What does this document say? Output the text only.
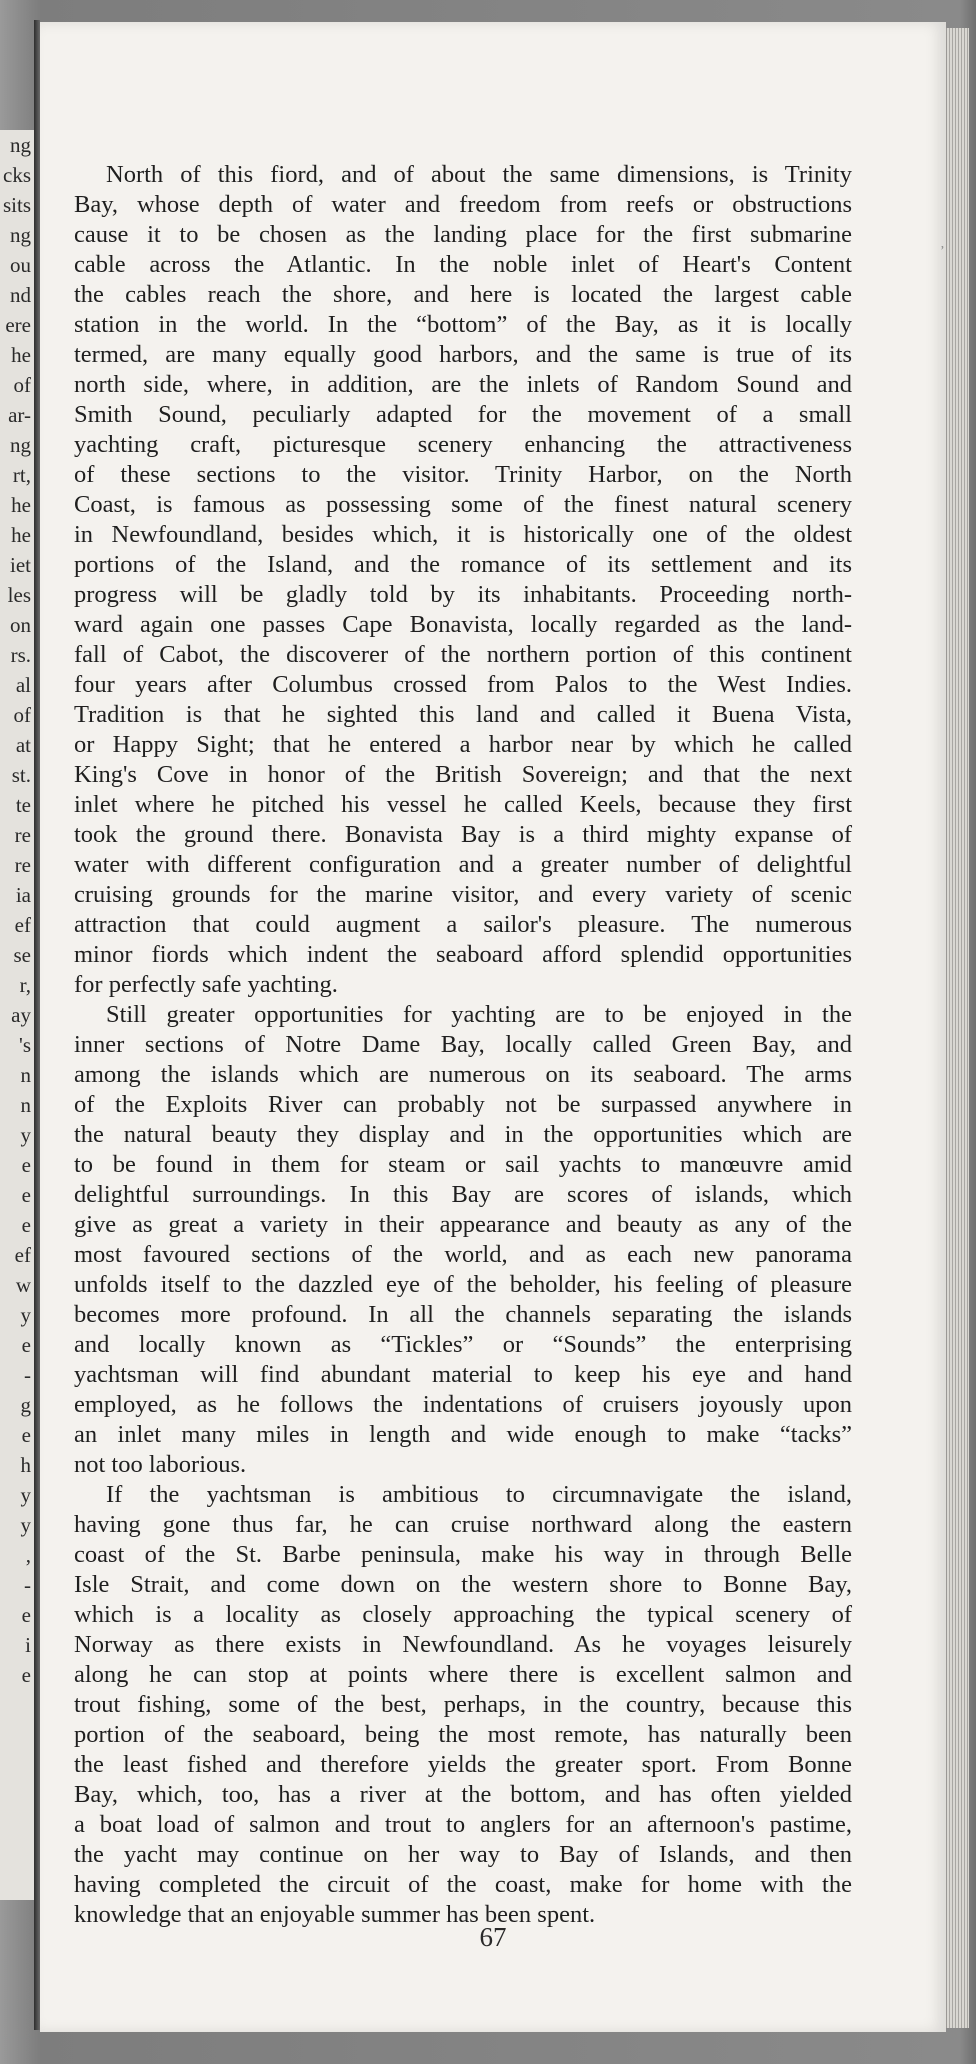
ng
cks
sits
ng
ou
nd
ere
he
of
ar-
ng
rt,
he
he
iet
les
on
rs.
al
of
at
st.
te
re
re
ia
ef
se
r,
ay
's
n
n
y
e
e
e
ef
w
y
e
-
g
e
h
y
y
,
-
e
i
e
North of this fiord, and of about the same dimensions, is Trinity
Bay, whose depth of water and freedom from reefs or obstructions
cause it to be chosen as the landing place for the first submarine
cable across the Atlantic. In the noble inlet of Heart's Content
the cables reach the shore, and here is located the largest cable
station in the world. In the “bottom” of the Bay, as it is locally
termed, are many equally good harbors, and the same is true of its
north side, where, in addition, are the inlets of Random Sound and
Smith Sound, peculiarly adapted for the movement of a small
yachting craft, picturesque scenery enhancing the attractiveness
of these sections to the visitor. Trinity Harbor, on the North
Coast, is famous as possessing some of the finest natural scenery
in Newfoundland, besides which, it is historically one of the oldest
portions of the Island, and the romance of its settlement and its
progress will be gladly told by its inhabitants. Proceeding north-
ward again one passes Cape Bonavista, locally regarded as the land-
fall of Cabot, the discoverer of the northern portion of this continent
four years after Columbus crossed from Palos to the West Indies.
Tradition is that he sighted this land and called it Buena Vista,
or Happy Sight; that he entered a harbor near by which he called
King's Cove in honor of the British Sovereign; and that the next
inlet where he pitched his vessel he called Keels, because they first
took the ground there. Bonavista Bay is a third mighty expanse of
water with different configuration and a greater number of delightful
cruising grounds for the marine visitor, and every variety of scenic
attraction that could augment a sailor's pleasure. The numerous
minor fiords which indent the seaboard afford splendid opportunities
for perfectly safe yachting.
Still greater opportunities for yachting are to be enjoyed in the
inner sections of Notre Dame Bay, locally called Green Bay, and
among the islands which are numerous on its seaboard. The arms
of the Exploits River can probably not be surpassed anywhere in
the natural beauty they display and in the opportunities which are
to be found in them for steam or sail yachts to manœuvre amid
delightful surroundings. In this Bay are scores of islands, which
give as great a variety in their appearance and beauty as any of the
most favoured sections of the world, and as each new panorama
unfolds itself to the dazzled eye of the beholder, his feeling of pleasure
becomes more profound. In all the channels separating the islands
and locally known as “Tickles” or “Sounds” the enterprising
yachtsman will find abundant material to keep his eye and hand
employed, as he follows the indentations of cruisers joyously upon
an inlet many miles in length and wide enough to make “tacks”
not too laborious.
If the yachtsman is ambitious to circumnavigate the island,
having gone thus far, he can cruise northward along the eastern
coast of the St. Barbe peninsula, make his way in through Belle
Isle Strait, and come down on the western shore to Bonne Bay,
which is a locality as closely approaching the typical scenery of
Norway as there exists in Newfoundland. As he voyages leisurely
along he can stop at points where there is excellent salmon and
trout fishing, some of the best, perhaps, in the country, because this
portion of the seaboard, being the most remote, has naturally been
the least fished and therefore yields the greater sport. From Bonne
Bay, which, too, has a river at the bottom, and has often yielded
a boat load of salmon and trout to anglers for an afternoon's pastime,
the yacht may continue on her way to Bay of Islands, and then
having completed the circuit of the coast, make for home with the
knowledge that an enjoyable summer has been spent.
67
’
